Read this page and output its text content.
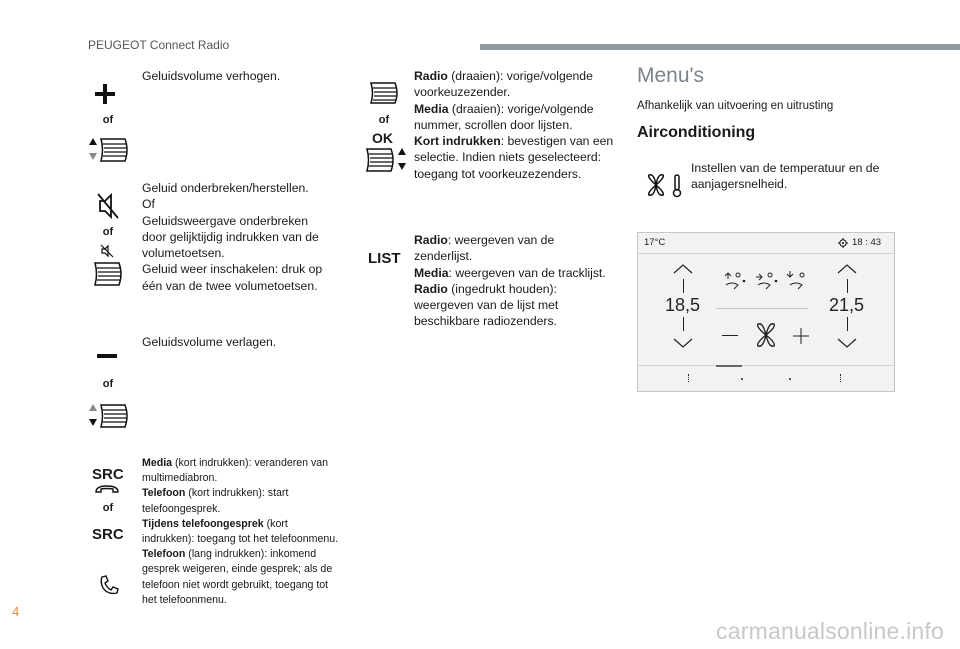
PEUGEOT Connect Radio
of
Geluidsvolume verhogen.
of
Geluid onderbreken/herstellen.
Of
Geluidsweergave onderbreken
door gelijktijdig indrukken van de
volumetoetsen.
Geluid weer inschakelen: druk op
één van de twee volumetoetsen.
of
Geluidsvolume verlagen.
SRC
of
SRC
Media (kort indrukken): veranderen van
multimediabron.
Telefoon (kort indrukken): start
telefoongesprek.
Tijdens telefoongesprek (kort
indrukken): toegang tot het telefoonmenu.
Telefoon (lang indrukken): inkomend
gesprek weigeren, einde gesprek; als de
telefoon niet wordt gebruikt, toegang tot
het telefoonmenu.
of
OK
Radio (draaien): vorige/volgende
voorkeuzezender.
Media (draaien): vorige/volgende
nummer, scrollen door lijsten.
Kort indrukken: bevestigen van een
selectie. Indien niets geselecteerd:
toegang tot voorkeuzezenders.
LIST
Radio: weergeven van de zenderlijst.
Media: weergeven van de tracklijst.
Radio (ingedrukt houden):
weergeven van de lijst met
beschikbare radiozenders.
Menu's
Afhankelijk van uitvoering en uitrusting
Airconditioning
Instellen van de temperatuur en de
aanjagersnelheid.
17°C	18 : 43
18,5	21,5
4
carmanualsonline.info
